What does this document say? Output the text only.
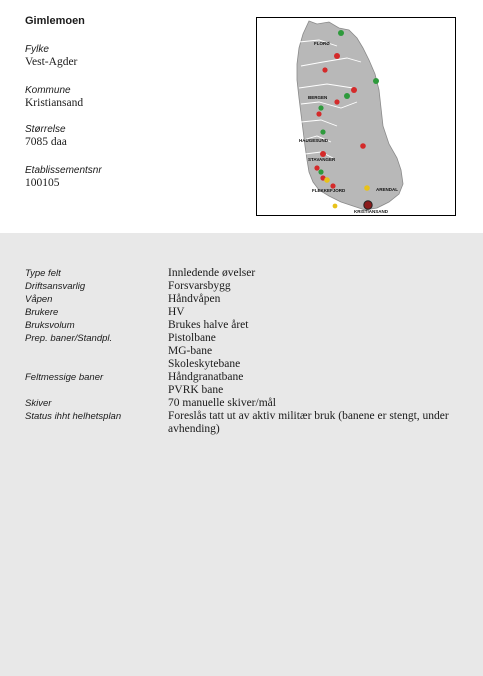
Gimlemoen
Fylke
Vest-Agder
Kommune
Kristiansand
Størrelse
7085 daa
Etablissementsnr
100105
FLORØ
BERGEN
HAUGESUND
STAVANGER
FLEKKEFJORD	ARENDAL
KRISTIANSAND
Type felt	Innledende øvelser
Driftsansvarlig	Forsvarsbygg
Våpen	Håndvåpen
Brukere	HV
Bruksvolum	Brukes halve året
Prep. baner/Standpl.	Pistolbane
MG-bane
Skoleskytebane
Feltmessige baner	Håndgranatbane
PVRK bane
Skiver	70 manuelle skiver/mål
Status ihht helhetsplan	Foreslås tatt ut av aktiv militær bruk (banene er stengt, under avhending)
